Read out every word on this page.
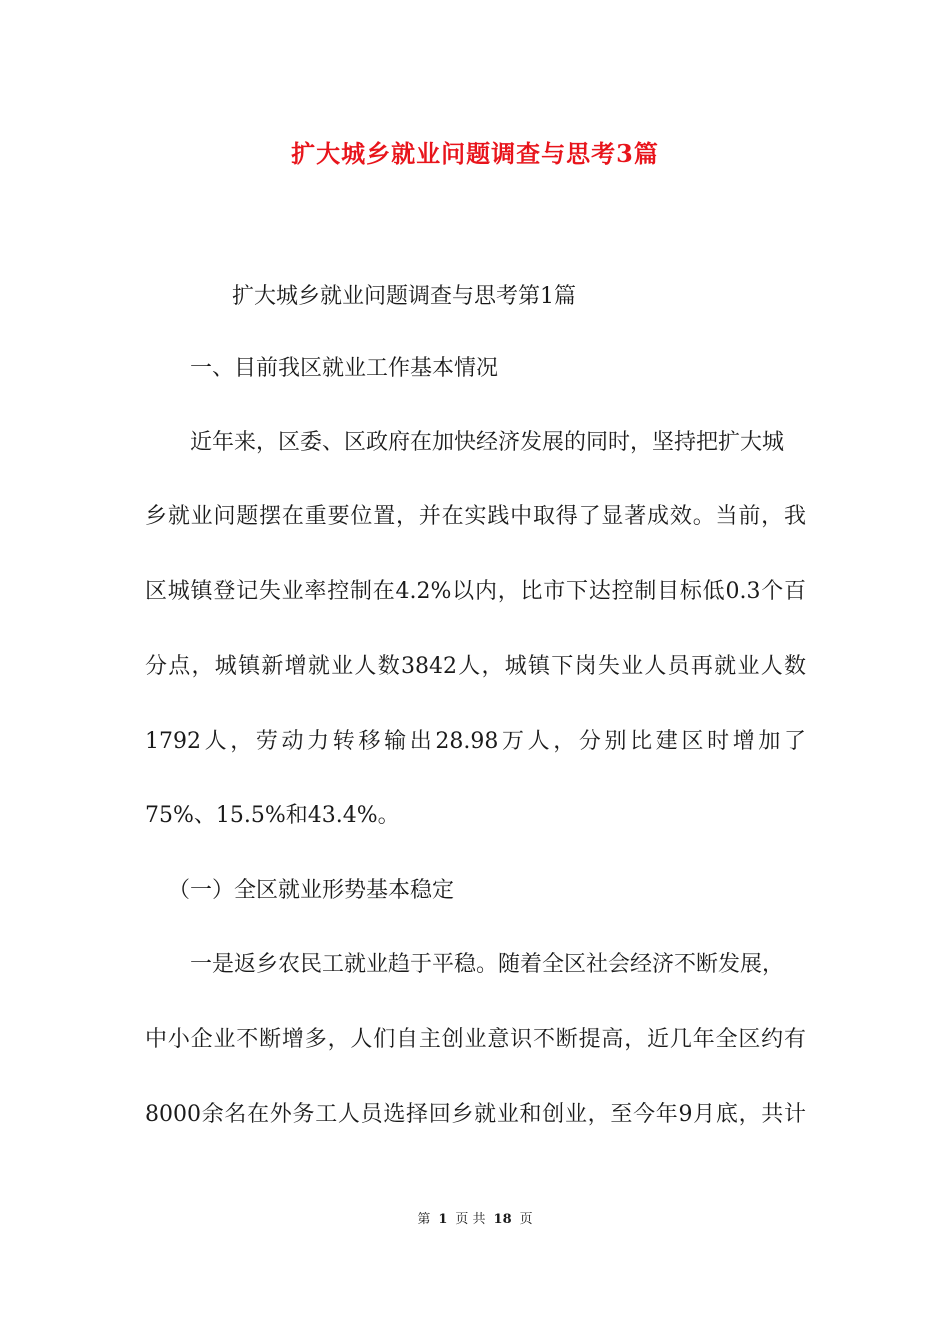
扩大城乡就业问题调查与思考3篇

扩大城乡就业问题调查与思考第1篇

一、目前我区就业工作基本情况

近年来，区委、区政府在加快经济发展的同时，坚持把扩大城

乡就业问题摆在重要位置，并在实践中取得了显著成效。当前，我

区城镇登记失业率控制在4.2%以内，比市下达控制目标低0.3个百

分点，城镇新增就业人数3842人，城镇下岗失业人员再就业人数

1792人，劳动力转移输出28.98万人，分别比建区时增加了

75%、15.5%和43.4%。

（一）全区就业形势基本稳定

一是返乡农民工就业趋于平稳。随着全区社会经济不断发展，

中小企业不断增多，人们自主创业意识不断提高，近几年全区约有

8000余名在外务工人员选择回乡就业和创业，至今年9月底，共计

第 1 页 共 18 页
